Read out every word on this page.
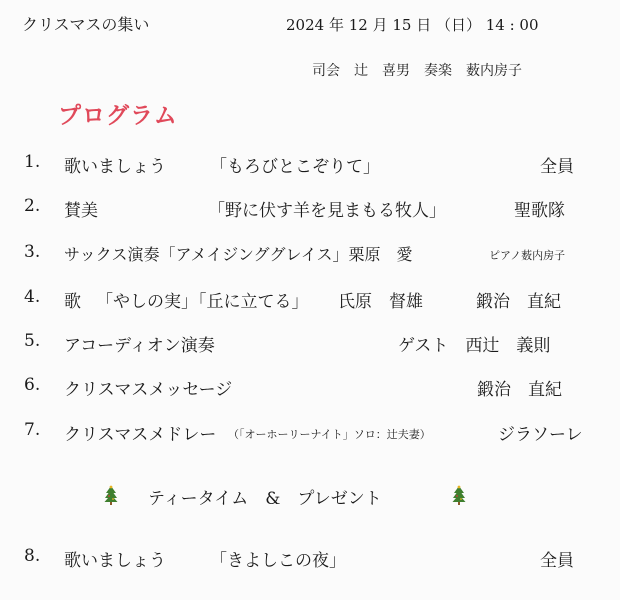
クリスマスの集い	2024 年 12 月 15 日 （日） 14 : 00
司会　辻　喜男　奏楽　薮内房子
プログラム
1. 歌いましょう	「もろびとこぞりて」	全員
2. 賛美	「野に伏す羊を見まもる牧人」	聖歌隊
3. サックス演奏「アメイジンググレイス」栗原　愛	ピアノ薮内房子
4. 歌 「やしの実」「丘に立てる」 氏原　督雄	鍛治　直紀
5. アコーディオン演奏	ゲスト　西辻　義則
6. クリスマスメッセージ	鍛治　直紀
7. クリスマスメドレー （「オーホーリーナイト」ソロ：辻夫妻）	ジラソーレ
ティータイム　&　プレゼント
8. 歌いましょう	「きよしこの夜」	全員
